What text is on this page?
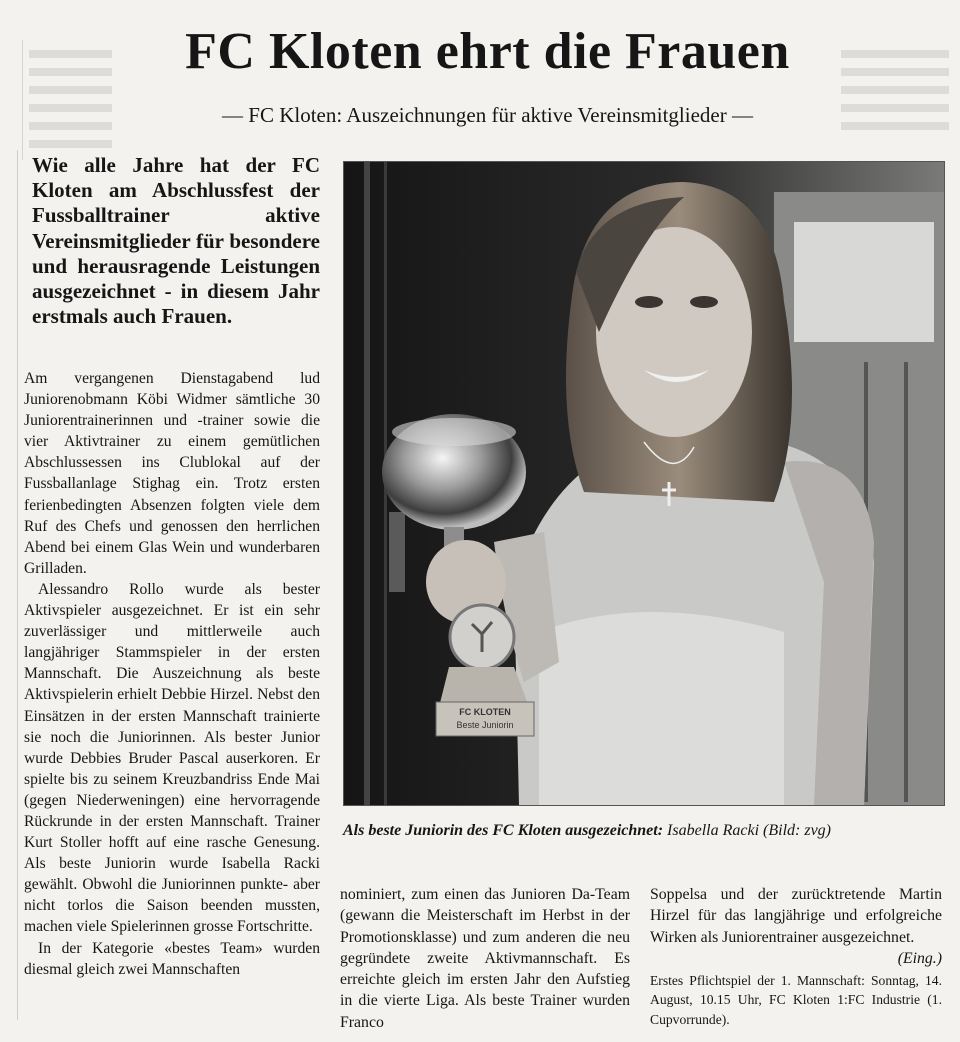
FC Kloten ehrt die Frauen

— FC Kloten: Auszeichnungen für aktive Vereinsmitglieder —

Wie alle Jahre hat der FC Kloten am Abschlussfest der Fussballtrainer aktive Vereinsmitglieder für besondere und herausragende Leistungen ausgezeichnet - in diesem Jahr erstmals auch Frauen.

Am vergangenen Dienstagabend lud Juniorenobmann Köbi Widmer sämtliche 30 Juniorentrainerinnen und -trainer sowie die vier Aktivtrainer zu einem gemütlichen Abschlussessen ins Clublokal auf der Fussballanlage Stighag ein. Trotz ersten ferienbedingten Absenzen folgten viele dem Ruf des Chefs und genossen den herrlichen Abend bei einem Glas Wein und wunderbaren Grilladen.

Alessandro Rollo wurde als bester Aktivspieler ausgezeichnet. Er ist ein sehr zuverlässiger und mittlerweile auch langjähriger Stammspieler in der ersten Mannschaft. Die Auszeichnung als beste Aktivspielerin erhielt Debbie Hirzel. Nebst den Einsätzen in der ersten Mannschaft trainierte sie noch die Juniorinnen. Als bester Junior wurde Debbies Bruder Pascal auserkoren. Er spielte bis zu seinem Kreuzbandriss Ende Mai (gegen Niederweningen) eine hervorragende Rückrunde in der ersten Mannschaft. Trainer Kurt Stoller hofft auf eine rasche Genesung. Als beste Juniorin wurde Isabella Racki gewählt. Obwohl die Juniorinnen punkte- aber nicht torlos die Saison beenden mussten, machen viele Spielerinnen grosse Fortschritte.

In der Kategorie «bestes Team» wurden diesmal gleich zwei Mannschaften

FC KLOTEN
Beste Juniorin

Als beste Juniorin des FC Kloten ausgezeichnet: Isabella Racki (Bild: zvg)

nominiert, zum einen das Junioren Da-Team (gewann die Meisterschaft im Herbst in der Promotionsklasse) und zum anderen die neu gegründete zweite Aktivmannschaft. Es erreichte gleich im ersten Jahr den Aufstieg in die vierte Liga. Als beste Trainer wurden Franco

Soppelsa und der zurücktretende Martin Hirzel für das langjährige und erfolgreiche Wirken als Juniorentrainer ausgezeichnet.
(Eing.)

Erstes Pflichtspiel der 1. Mannschaft: Sonntag, 14. August, 10.15 Uhr, FC Kloten 1:FC Industrie (1. Cupvorrunde).
